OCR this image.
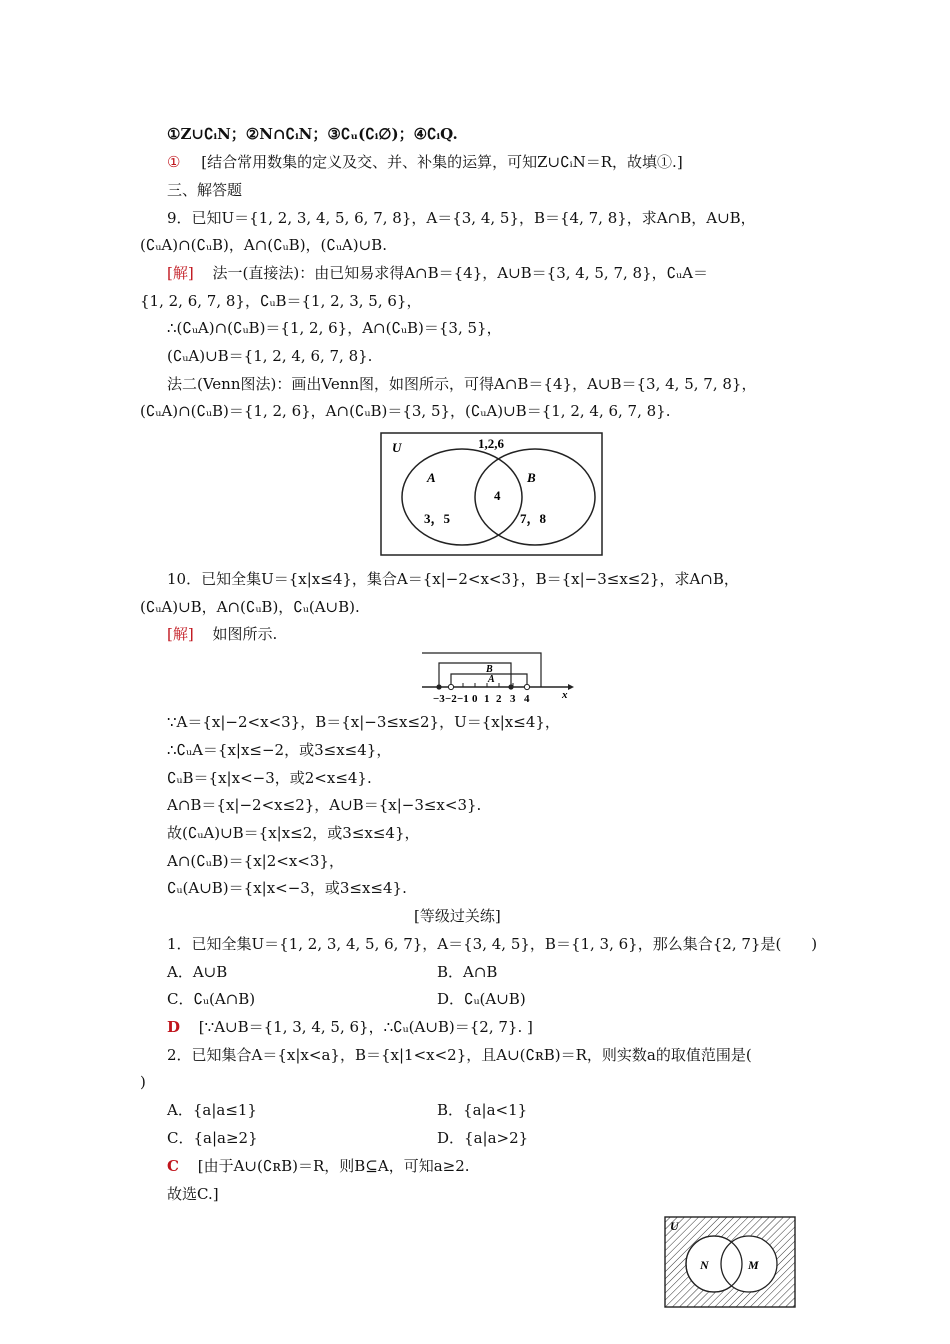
①Z∪∁ᵢN；②N∩∁ᵢN；③∁ᵤ(∁ᵢ∅)；④∁ᵢQ.
① [结合常用数集的定义及交、并、补集的运算，可知Z∪∁ᵢN＝R，故填①.]
三、解答题
9．已知U＝{1, 2, 3, 4, 5, 6, 7, 8}，A＝{3, 4, 5}，B＝{4, 7, 8}，求A∩B，A∪B，
(∁ᵤA)∩(∁ᵤB)，A∩(∁ᵤB)，(∁ᵤA)∪B.
[解] 法一(直接法)：由已知易求得A∩B＝{4}，A∪B＝{3, 4, 5, 7, 8}，∁ᵤA＝
{1, 2, 6, 7, 8}，∁ᵤB＝{1, 2, 3, 5, 6}，
∴(∁ᵤA)∩(∁ᵤB)＝{1, 2, 6}，A∩(∁ᵤB)＝{3, 5}，
(∁ᵤA)∪B＝{1, 2, 4, 6, 7, 8}.
法二(Venn图法)：画出Venn图，如图所示，可得A∩B＝{4}，A∪B＝{3, 4, 5, 7, 8}，
(∁ᵤA)∩(∁ᵤB)＝{1, 2, 6}，A∩(∁ᵤB)＝{3, 5}，(∁ᵤA)∪B＝{1, 2, 4, 6, 7, 8}.
U	1,2,6
A	B
3，5
4
7，8
10．已知全集U＝{x|x≤4}，集合A＝{x|−2<x<3}，B＝{x|−3≤x≤2}，求A∩B，
(∁ᵤA)∪B，A∩(∁ᵤB)，∁ᵤ(A∪B).
[解] 如图所示.
B
A
x
−3 −2 −1 0 1 2 3 4
∵A＝{x|−2<x<3}，B＝{x|−3≤x≤2}，U＝{x|x≤4}，
∴∁ᵤA＝{x|x≤−2，或3≤x≤4}，
∁ᵤB＝{x|x<−3，或2<x≤4}.
A∩B＝{x|−2<x≤2}，A∪B＝{x|−3≤x<3}.
故(∁ᵤA)∪B＝{x|x≤2，或3≤x≤4}，
A∩(∁ᵤB)＝{x|2<x<3}，
∁ᵤ(A∪B)＝{x|x<−3，或3≤x≤4}.
[等级过关练]
1．已知全集U＝{1, 2, 3, 4, 5, 6, 7}，A＝{3, 4, 5}，B＝{1, 3, 6}，那么集合{2, 7}是(　　)
A．A∪B	B．A∩B
C．∁ᵤ(A∩B)	D．∁ᵤ(A∪B)
D [∵A∪B＝{1, 3, 4, 5, 6}，∴∁ᵤ(A∪B)＝{2, 7}. ]
2．已知集合A＝{x|x<a}，B＝{x|1<x<2}，且A∪(∁ʀB)＝R，则实数a的取值范围是(
)
A．{a|a≤1}	B．{a|a<1}
C．{a|a≥2}	D．{a|a>2}
C [由于A∪(∁ʀB)＝R，则B⊆A，可知a≥2.
故选C.]
U
N	M
